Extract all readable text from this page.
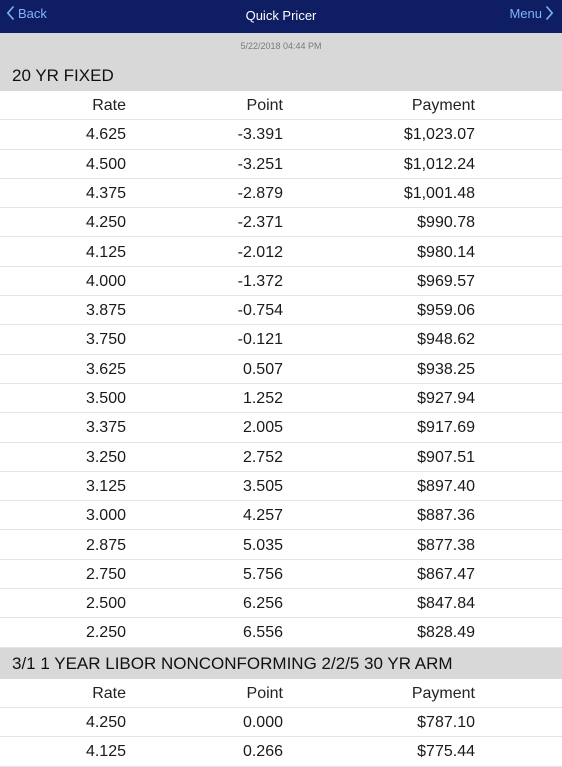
Back	Quick Pricer	Menu
5/22/2018 04:44 PM
20 YR FIXED
Rate	Point	Payment
4.625	-3.391	$1,023.07
4.500	-3.251	$1,012.24
4.375	-2.879	$1,001.48
4.250	-2.371	$990.78
4.125	-2.012	$980.14
4.000	-1.372	$969.57
3.875	-0.754	$959.06
3.750	-0.121	$948.62
3.625	0.507	$938.25
3.500	1.252	$927.94
3.375	2.005	$917.69
3.250	2.752	$907.51
3.125	3.505	$897.40
3.000	4.257	$887.36
2.875	5.035	$877.38
2.750	5.756	$867.47
2.500	6.256	$847.84
2.250	6.556	$828.49
3/1 1 YEAR LIBOR NONCONFORMING 2/2/5 30 YR ARM
Rate	Point	Payment
4.250	0.000	$787.10
4.125	0.266	$775.44
